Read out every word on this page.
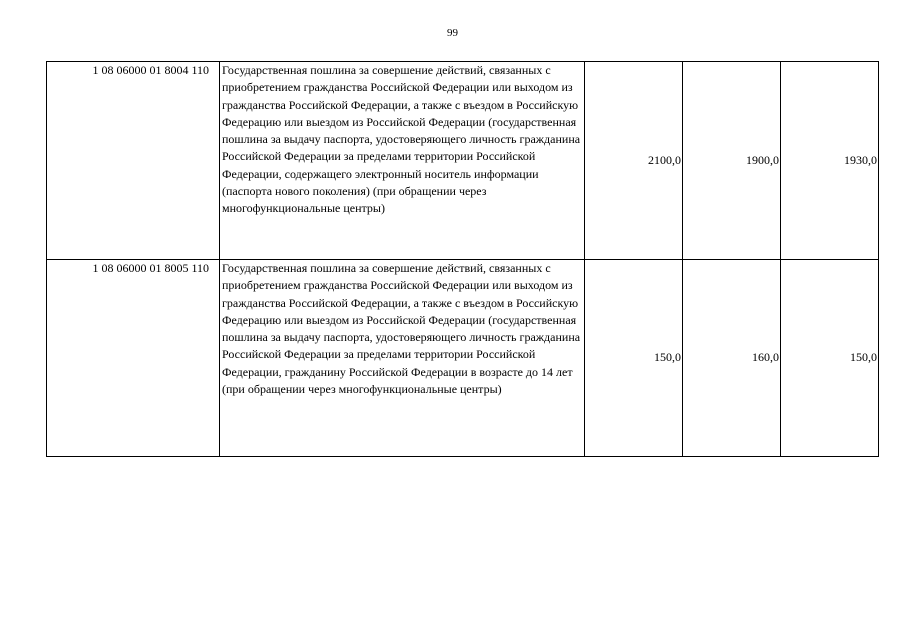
99
1 08 06000 01 8004 110	Государственная пошлина за совершение действий, связанных с приобретением гражданства Российской Федерации или выходом из гражданства Российской Федерации, а также с въездом в Российскую Федерацию или выездом из Российской Федерации (государственная пошлина за выдачу паспорта, удостоверяющего личность гражданина Российской Федерации за пределами территории Российской Федерации, содержащего электронный носитель информации (паспорта нового поколения) (при обращении через многофункциональные центры)	2100,0	1900,0	1930,0
1 08 06000 01 8005 110	Государственная пошлина за совершение действий, связанных с приобретением гражданства Российской Федерации или выходом из гражданства Российской Федерации, а также с въездом в Российскую Федерацию или выездом из Российской Федерации (государственная пошлина за выдачу паспорта, удостоверяющего личность гражданина Российской Федерации за пределами территории Российской Федерации, гражданину Российской Федерации в возрасте до 14 лет (при обращении через многофункциональные центры)	150,0	160,0	150,0
